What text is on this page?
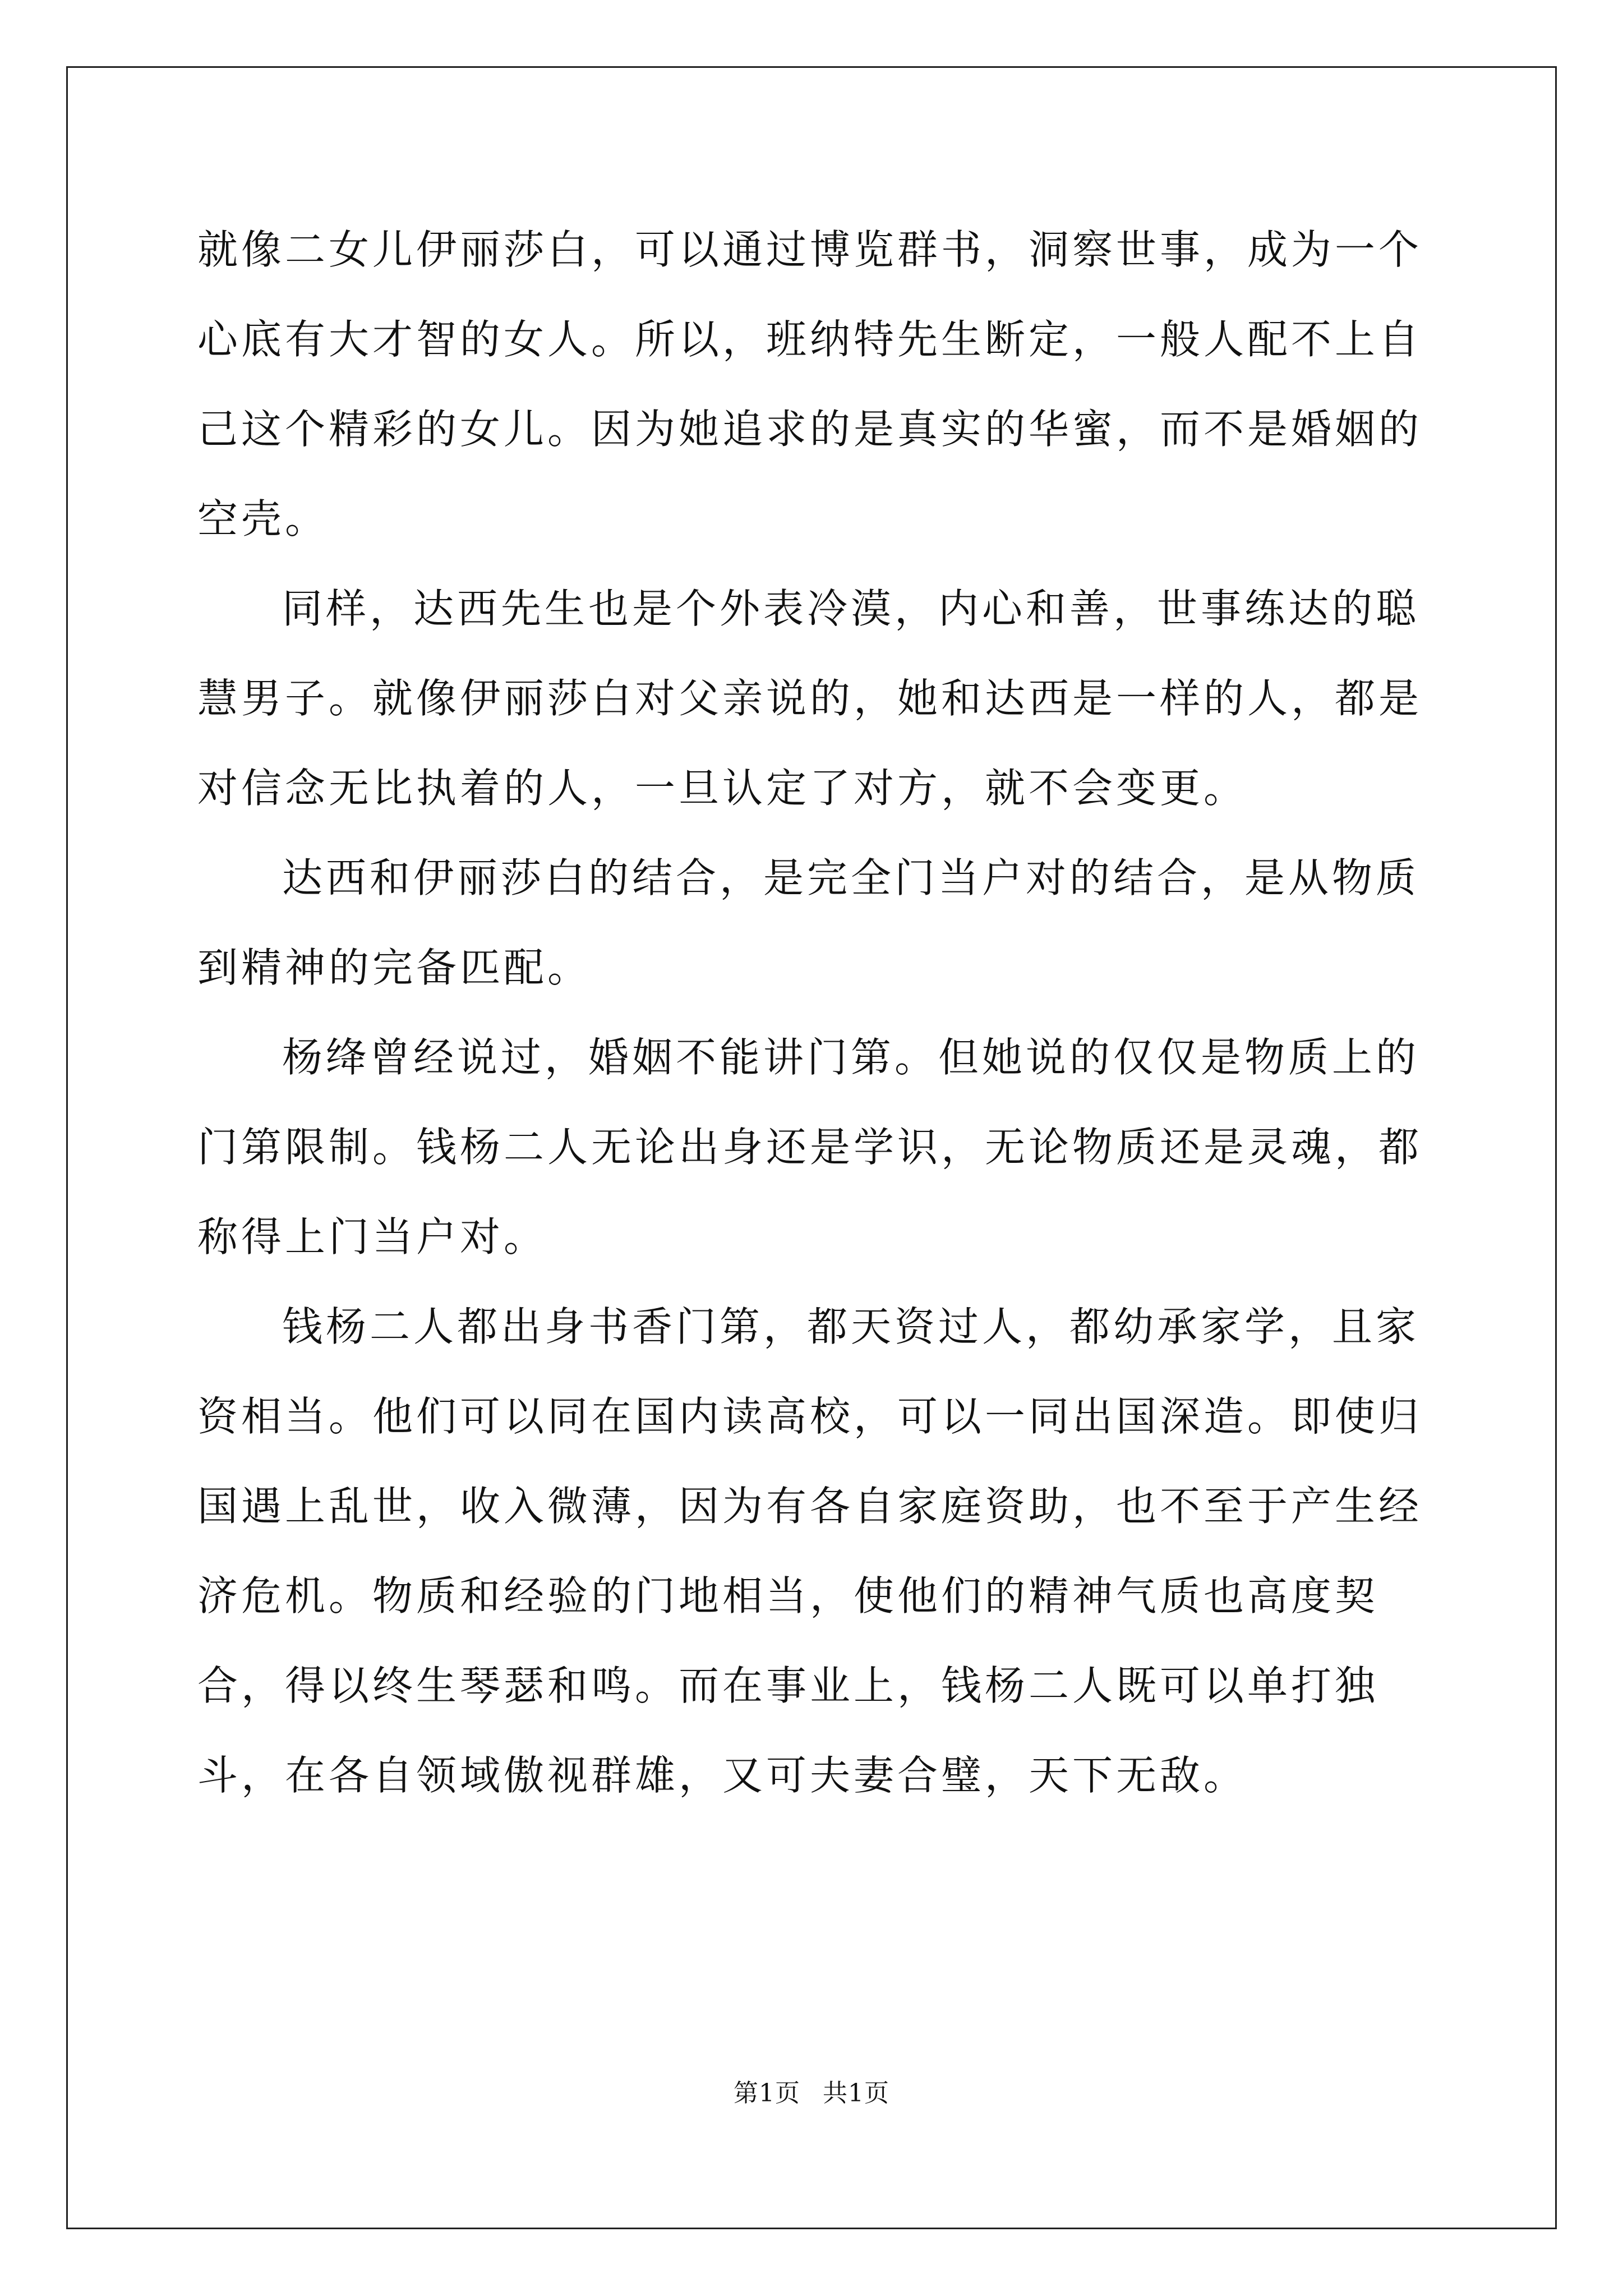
就像二女儿伊丽莎白，可以通过博览群书，洞察世事，成为一个心底有大才智的女人。所以，班纳特先生断定，一般人配不上自己这个精彩的女儿。因为她追求的是真实的华蜜，而不是婚姻的空壳。

同样，达西先生也是个外表冷漠，内心和善，世事练达的聪慧男子。就像伊丽莎白对父亲说的，她和达西是一样的人，都是对信念无比执着的人，一旦认定了对方，就不会变更。

达西和伊丽莎白的结合，是完全门当户对的结合，是从物质到精神的完备匹配。

杨绛曾经说过，婚姻不能讲门第。但她说的仅仅是物质上的门第限制。钱杨二人无论出身还是学识，无论物质还是灵魂，都称得上门当户对。

钱杨二人都出身书香门第，都天资过人，都幼承家学，且家资相当。他们可以同在国内读高校，可以一同出国深造。即使归国遇上乱世，收入微薄，因为有各自家庭资助，也不至于产生经济危机。物质和经验的门地相当，使他们的精神气质也高度契合，得以终生琴瑟和鸣。而在事业上，钱杨二人既可以单打独斗，在各自领域傲视群雄，又可夫妻合璧，天下无敌。

第1页 共1页
